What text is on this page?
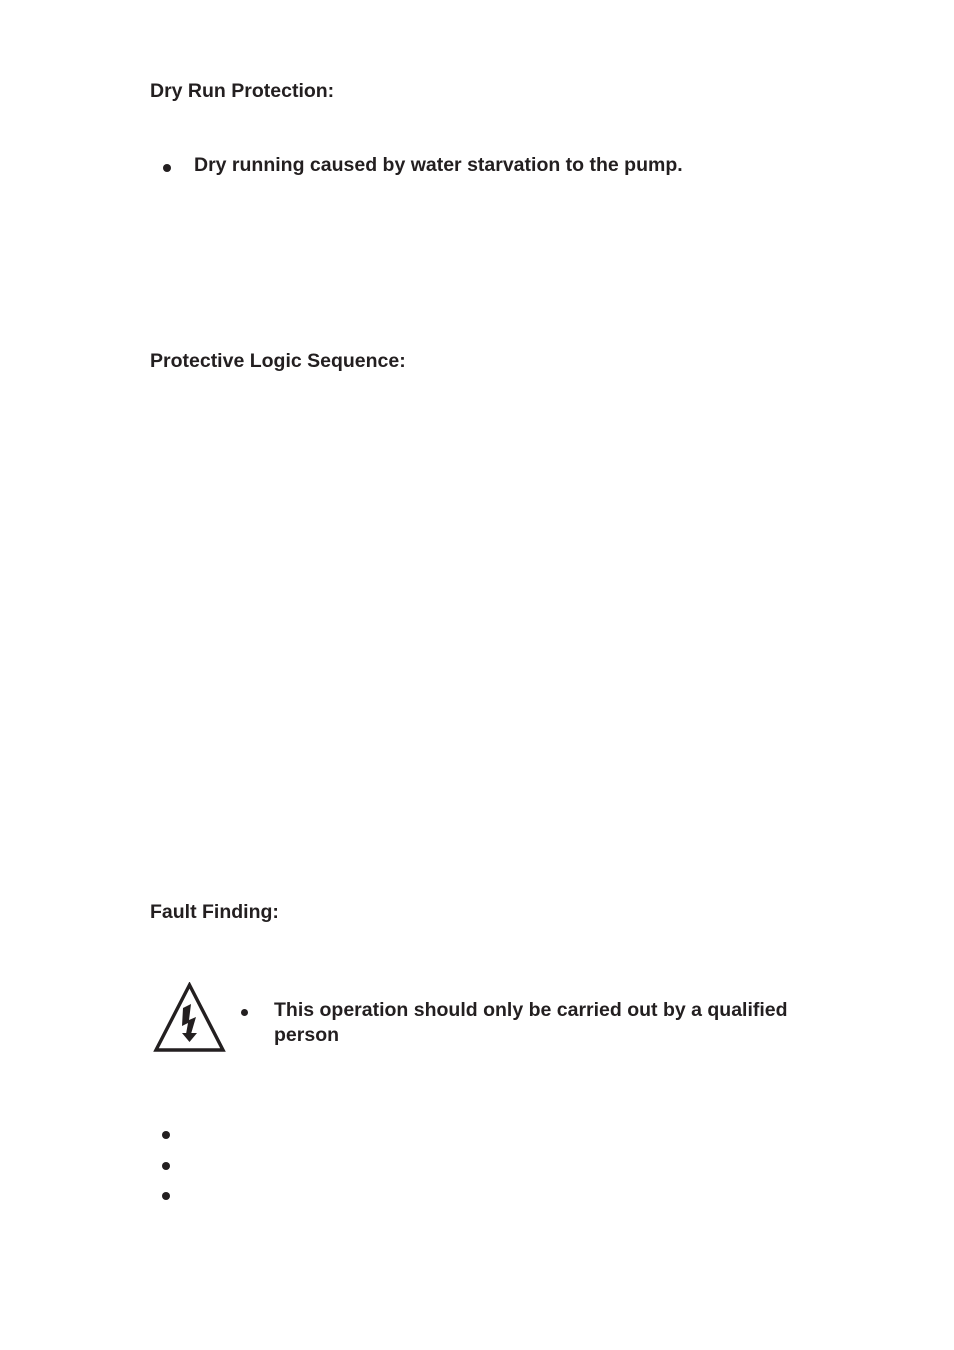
Dry Run Protection:

Dry running caused by water starvation to the pump.

Protective Logic Sequence:
Fault Finding:

This operation should only be carried out by a qualified person
